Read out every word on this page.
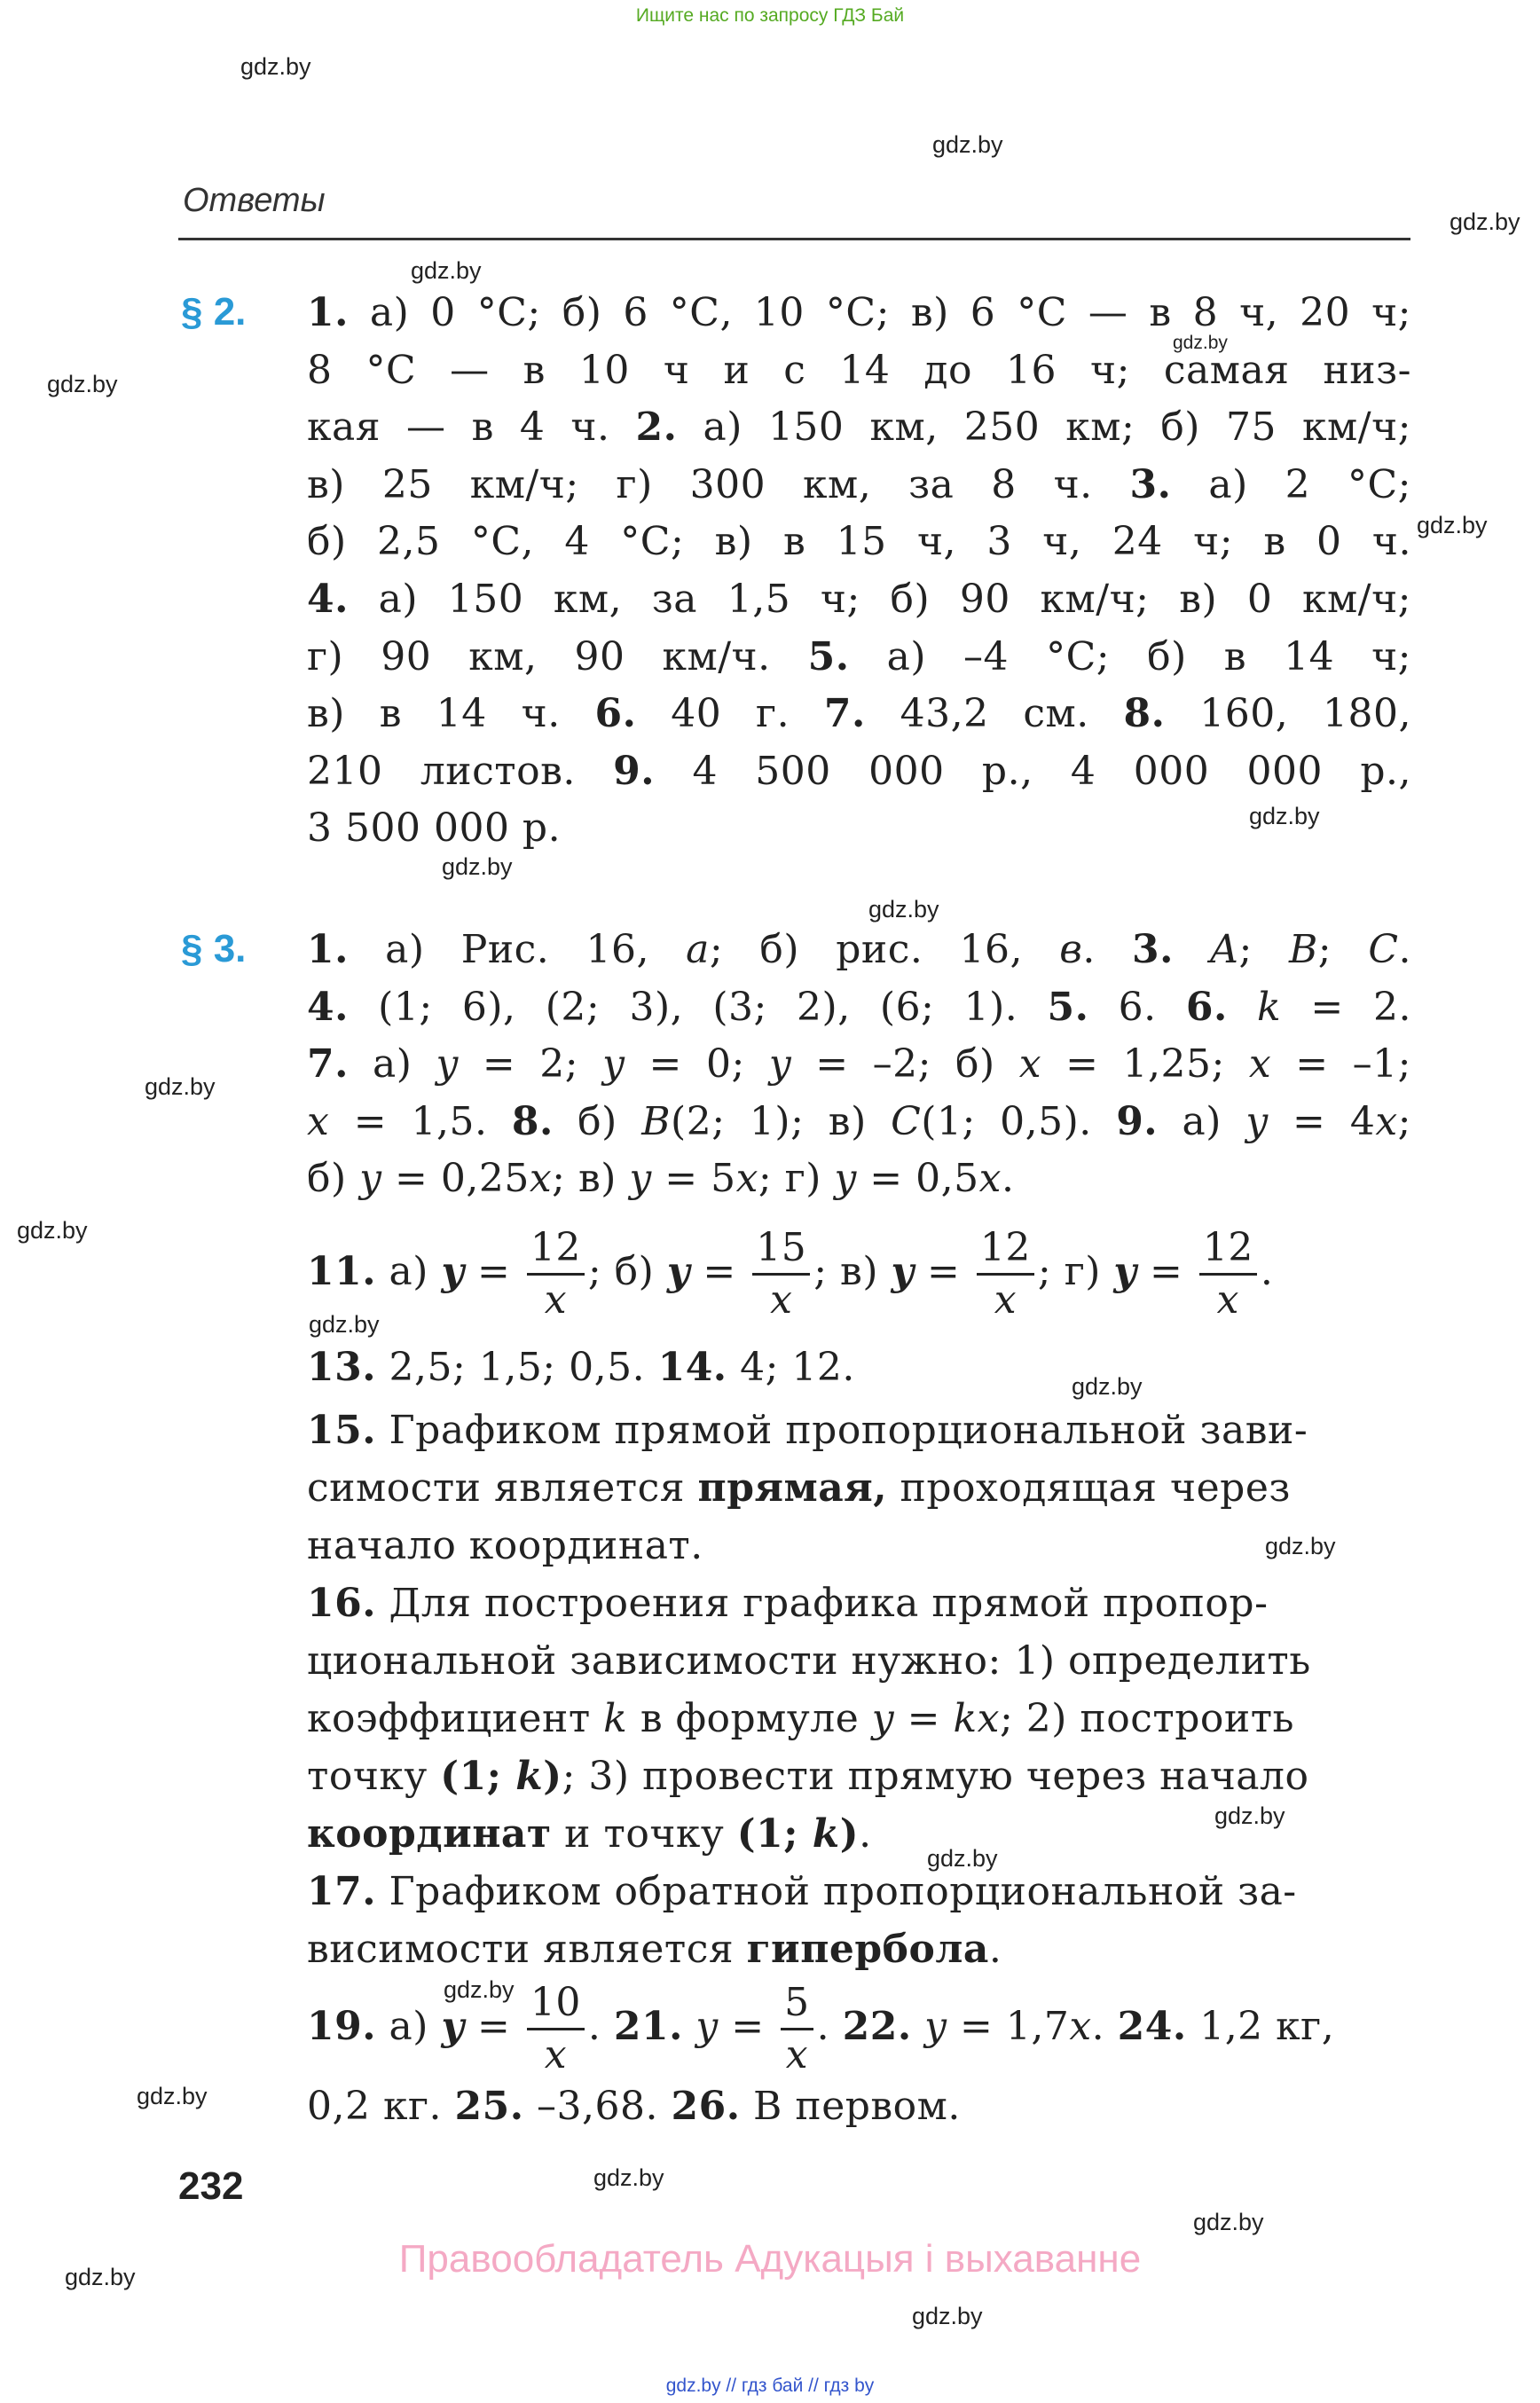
Ищите нас по запросу ГДЗ Бай
gdz.by
gdz.by
gdz.by
gdz.by
gdz.by
gdz.by
gdz.by
gdz.by
gdz.by
gdz.by
gdz.by
gdz.by
gdz.by
gdz.by
gdz.by
gdz.by
gdz.by
gdz.by
gdz.by
gdz.by
gdz.by
gdz.by
gdz.by
Ответы
§ 2. 1. а) 0 °С; б) 6 °С, 10 °С; в) 6 °С — в 8 ч, 20 ч;
8 °С — в 10 ч и с 14 до 16 ч; самая низ-
кая — в 4 ч. 2. а) 150 км, 250 км; б) 75 км/ч;
в) 25 км/ч; г) 300 км, за 8 ч. 3. а) 2 °С;
б) 2,5 °С, 4 °С; в) в 15 ч, 3 ч, 24 ч; в 0 ч.
4. а) 150 км, за 1,5 ч; б) 90 км/ч; в) 0 км/ч;
г) 90 км, 90 км/ч. 5. а) –4 °С; б) в 14 ч;
в) в 14 ч. 6. 40 г. 7. 43,2 см. 8. 160, 180,
210 листов. 9. 4 500 000 р., 4 000 000 р.,
3 500 000 р.
§ 3. 1. а) Рис. 16, а; б) рис. 16, в. 3. A; B; C.
4. (1; 6), (2; 3), (3; 2), (6; 1). 5. 6. 6. k = 2.
7. а) y = 2; y = 0; y = –2; б) x = 1,25; x = –1;
x = 1,5. 8. б) B(2; 1); в) C(1; 0,5). 9. а) y = 4x;
б) y = 0,25x; в) y = 5x; г) y = 0,5x.
11. а) $y = \frac{12}{x}$ ; б) $y = \frac{15}{x}$ ; в) $y = \frac{12}{x}$ ; г) $y = \frac{12}{x}$ .
13. 2,5; 1,5; 0,5. 14. 4; 12.
15. Графиком прямой пропорциональной зави-
симости является прямая, проходящая через
начало координат.
16. Для построения графика прямой пропор-
циональной зависимости нужно: 1) определить
коэффициент k в формуле y = kx; 2) построить
точку (1; k); 3) провести прямую через начало
координат и точку (1; k).
17. Графиком обратной пропорциональной за-
висимости является гипербола.
19. а) $y = \frac{10}{x}$ . 21. $y = \frac{5}{x}$ . 22. y = 1,7x. 24. 1,2 кг,
0,2 кг. 25. –3,68. 26. В первом.
232
Правообладатель Адукацыя і выхаванне
gdz.by // гдз бай // гдз by
